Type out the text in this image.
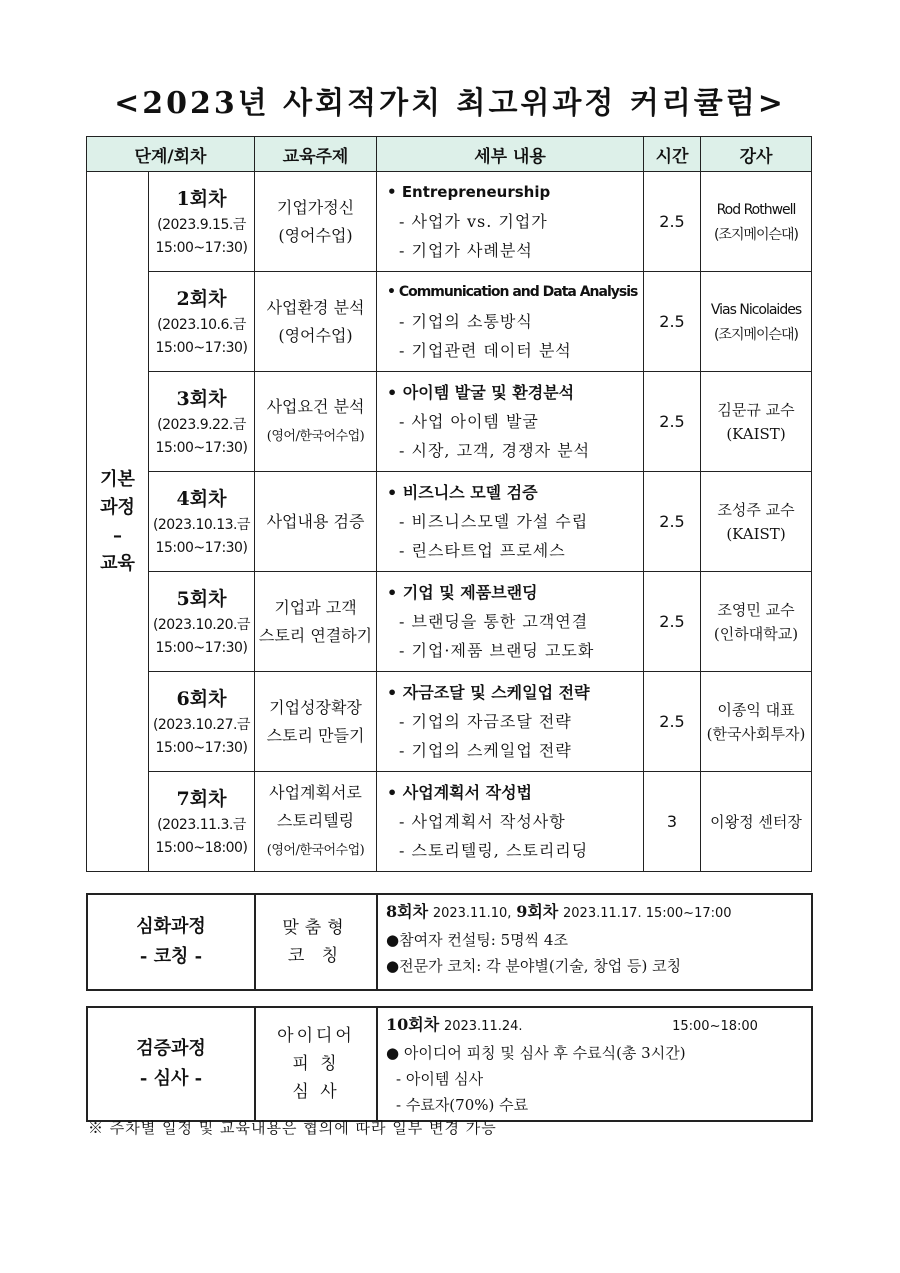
<2023년 사회적가치 최고위과정 커리큘럼>
단계/회차		교육주제	세부 내용	시간	강사
기본
과정
–
교육	1회차
(2023.9.15.금
15:00~17:30)	기업가정신
(영어수업)	• Entrepreneurship
- 사업가 vs. 기업가
- 기업가 사례분석	2.5	Rod Rothwell
(조지메이슨대)

	2회차
(2023.10.6.금
15:00~17:30)	사업환경 분석
(영어수업)	• Communication and Data Analysis
- 기업의 소통방식
- 기업관련 데이터 분석	2.5	Vias Nicolaides
(조지메이슨대)

	3회차
(2023.9.22.금
15:00~17:30)	사업요건 분석
(영어/한국어수업)	• 아이템 발굴 및 환경분석
- 사업 아이템 발굴
- 시장, 고객, 경쟁자 분석	2.5	김문규 교수
(KAIST)

	4회차
(2023.10.13.금
15:00~17:30)	사업내용 검증	• 비즈니스 모델 검증
- 비즈니스모델 가설 수립
- 린스타트업 프로세스	2.5	조성주 교수
(KAIST)

	5회차
(2023.10.20.금
15:00~17:30)	기업과 고객
스토리 연결하기	• 기업 및 제품브랜딩
- 브랜딩을 통한 고객연결
- 기업·제품 브랜딩 고도화	2.5	조영민 교수
(인하대학교)

	6회차
(2023.10.27.금
15:00~17:30)	기업성장확장
스토리 만들기	• 자금조달 및 스케일업 전략
- 기업의 자금조달 전략
- 기업의 스케일업 전략	2.5	이종익 대표
(한국사회투자)

	7회차
(2023.11.3.금
15:00~18:00)	사업계획서로
스토리텔링
(영어/한국어수업)	• 사업계획서 작성법
- 사업계획서 작성사항
- 스토리텔링, 스토리리딩	3	이왕정 센터장
심화과정
- 코칭 -	맞춤형
코 칭	8회차 2023.11.10, 9회차 2023.11.17. 15:00~17:00
●참여자 컨설팅: 5명씩 4조
●전문가 코치: 각 분야별(기술, 창업 등) 코칭
검증과정
- 심사 -	아이디어
피 칭
심 사	10회차 2023.11.24.	15:00~18:00
● 아이디어 피칭 및 심사 후 수료식(총 3시간)
- 아이템 심사
- 수료자(70%) 수료
※ 주차별 일정 및 교육내용은 협의에 따라 일부 변경 가능
